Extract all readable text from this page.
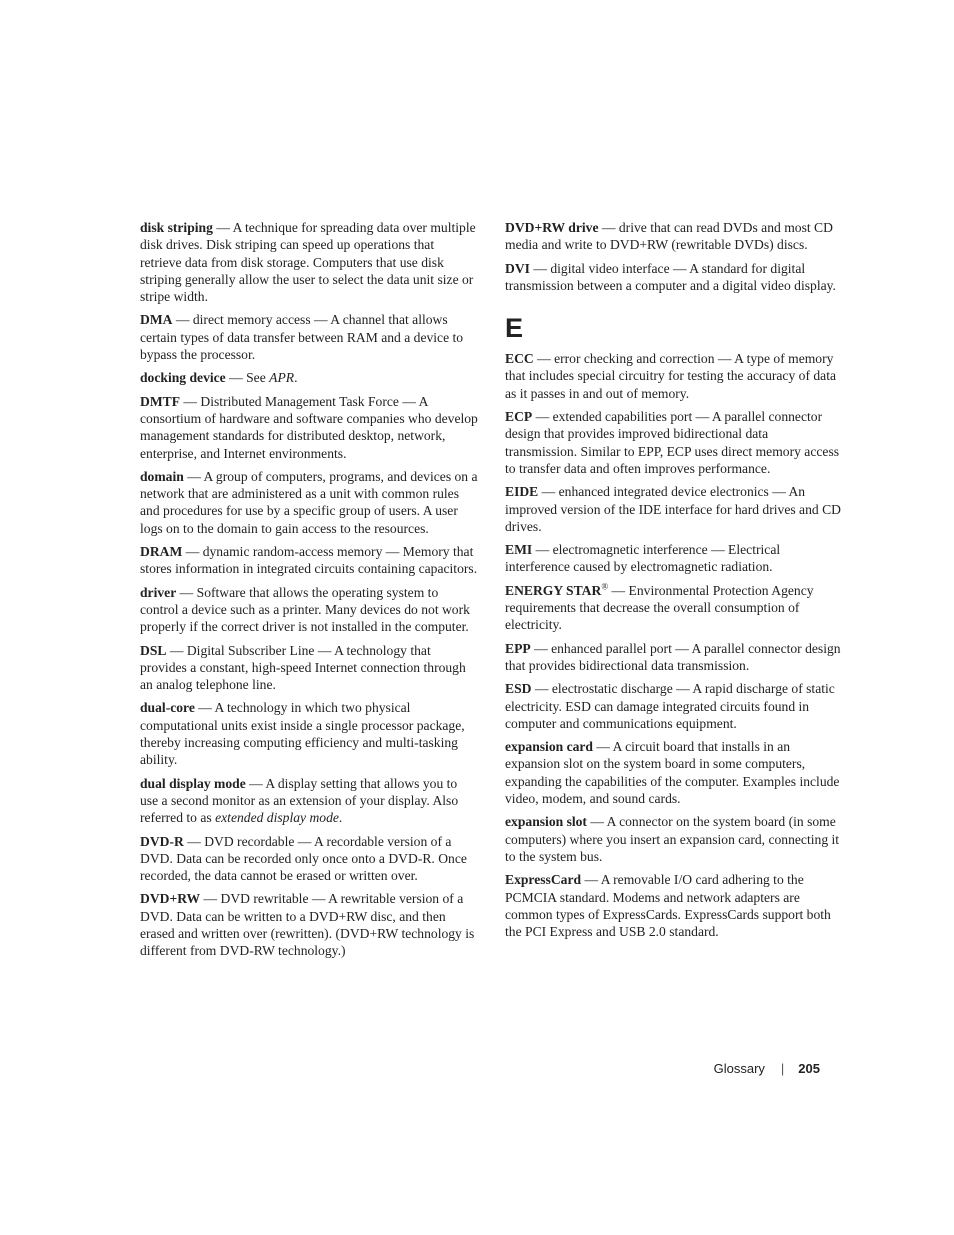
disk striping — A technique for spreading data over multiple disk drives. Disk striping can speed up operations that retrieve data from disk storage. Computers that use disk striping generally allow the user to select the data unit size or stripe width.
DMA — direct memory access — A channel that allows certain types of data transfer between RAM and a device to bypass the processor.
docking device — See APR.
DMTF — Distributed Management Task Force — A consortium of hardware and software companies who develop management standards for distributed desktop, network, enterprise, and Internet environments.
domain — A group of computers, programs, and devices on a network that are administered as a unit with common rules and procedures for use by a specific group of users. A user logs on to the domain to gain access to the resources.
DRAM — dynamic random-access memory — Memory that stores information in integrated circuits containing capacitors.
driver — Software that allows the operating system to control a device such as a printer. Many devices do not work properly if the correct driver is not installed in the computer.
DSL — Digital Subscriber Line — A technology that provides a constant, high-speed Internet connection through an analog telephone line.
dual-core — A technology in which two physical computational units exist inside a single processor package, thereby increasing computing efficiency and multi-tasking ability.
dual display mode — A display setting that allows you to use a second monitor as an extension of your display. Also referred to as extended display mode.
DVD-R — DVD recordable — A recordable version of a DVD. Data can be recorded only once onto a DVD-R. Once recorded, the data cannot be erased or written over.
DVD+RW — DVD rewritable — A rewritable version of a DVD. Data can be written to a DVD+RW disc, and then erased and written over (rewritten). (DVD+RW technology is different from DVD-RW technology.)
DVD+RW drive — drive that can read DVDs and most CD media and write to DVD+RW (rewritable DVDs) discs.
DVI — digital video interface — A standard for digital transmission between a computer and a digital video display.
E
ECC — error checking and correction — A type of memory that includes special circuitry for testing the accuracy of data as it passes in and out of memory.
ECP — extended capabilities port — A parallel connector design that provides improved bidirectional data transmission. Similar to EPP, ECP uses direct memory access to transfer data and often improves performance.
EIDE — enhanced integrated device electronics — An improved version of the IDE interface for hard drives and CD drives.
EMI — electromagnetic interference — Electrical interference caused by electromagnetic radiation.
ENERGY STAR® — Environmental Protection Agency requirements that decrease the overall consumption of electricity.
EPP — enhanced parallel port — A parallel connector design that provides bidirectional data transmission.
ESD — electrostatic discharge — A rapid discharge of static electricity. ESD can damage integrated circuits found in computer and communications equipment.
expansion card — A circuit board that installs in an expansion slot on the system board in some computers, expanding the capabilities of the computer. Examples include video, modem, and sound cards.
expansion slot — A connector on the system board (in some computers) where you insert an expansion card, connecting it to the system bus.
ExpressCard — A removable I/O card adhering to the PCMCIA standard. Modems and network adapters are common types of ExpressCards. ExpressCards support both the PCI Express and USB 2.0 standard.
Glossary | 205
